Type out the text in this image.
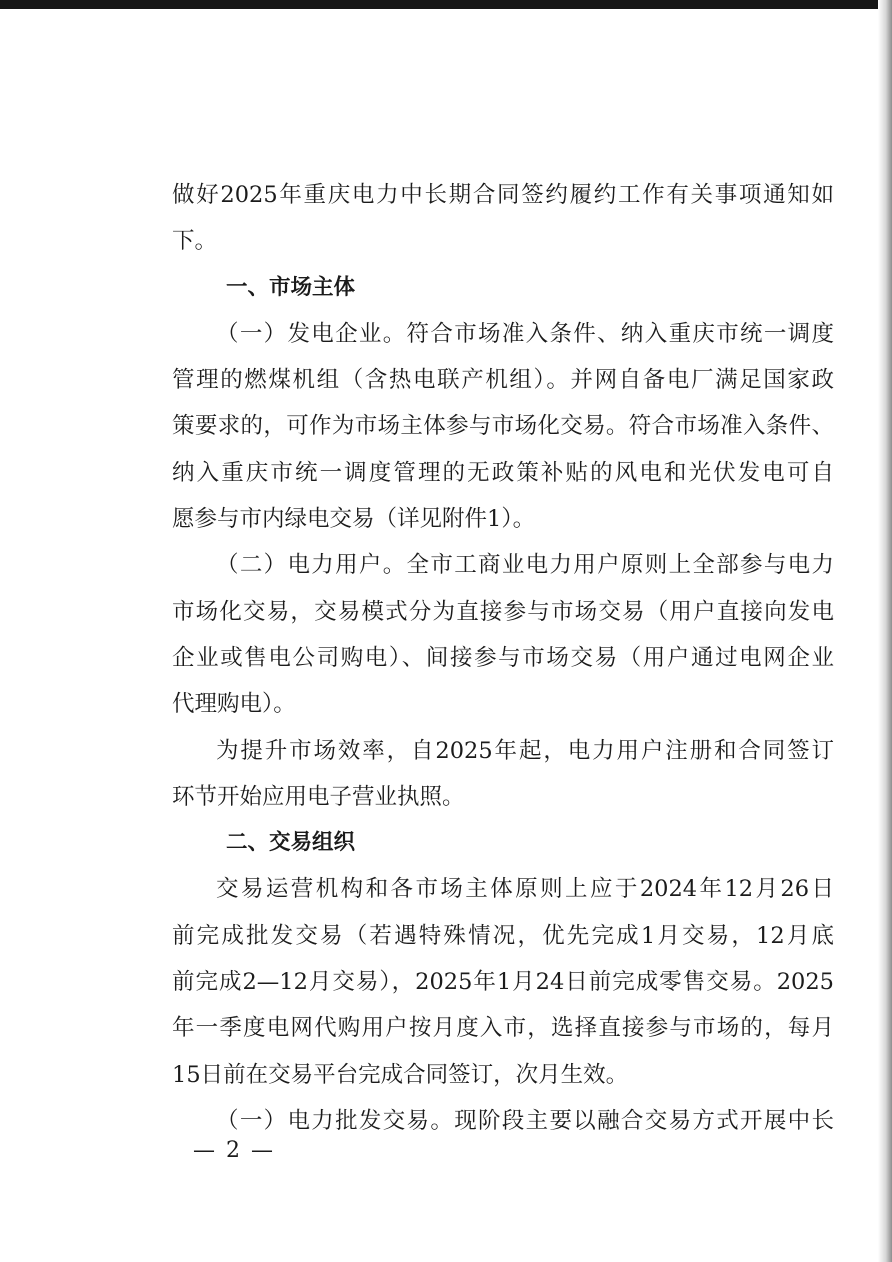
做好2025年重庆电力中长期合同签约履约工作有关事项通知如
下。
一、市场主体
（一）发电企业。符合市场准入条件、纳入重庆市统一调度
管理的燃煤机组（含热电联产机组）。并网自备电厂满足国家政
策要求的，可作为市场主体参与市场化交易。符合市场准入条件、
纳入重庆市统一调度管理的无政策补贴的风电和光伏发电可自
愿参与市内绿电交易（详见附件1）。
（二）电力用户。全市工商业电力用户原则上全部参与电力
市场化交易，交易模式分为直接参与市场交易（用户直接向发电
企业或售电公司购电）、间接参与市场交易（用户通过电网企业
代理购电）。
为提升市场效率，自2025年起，电力用户注册和合同签订
环节开始应用电子营业执照。
二、交易组织
交易运营机构和各市场主体原则上应于2024年12月26日
前完成批发交易（若遇特殊情况，优先完成1月交易，12月底
前完成2—12月交易），2025年1月24日前完成零售交易。2025
年一季度电网代购用户按月度入市，选择直接参与市场的，每月
15日前在交易平台完成合同签订，次月生效。
（一）电力批发交易。现阶段主要以融合交易方式开展中长
— 2 —
